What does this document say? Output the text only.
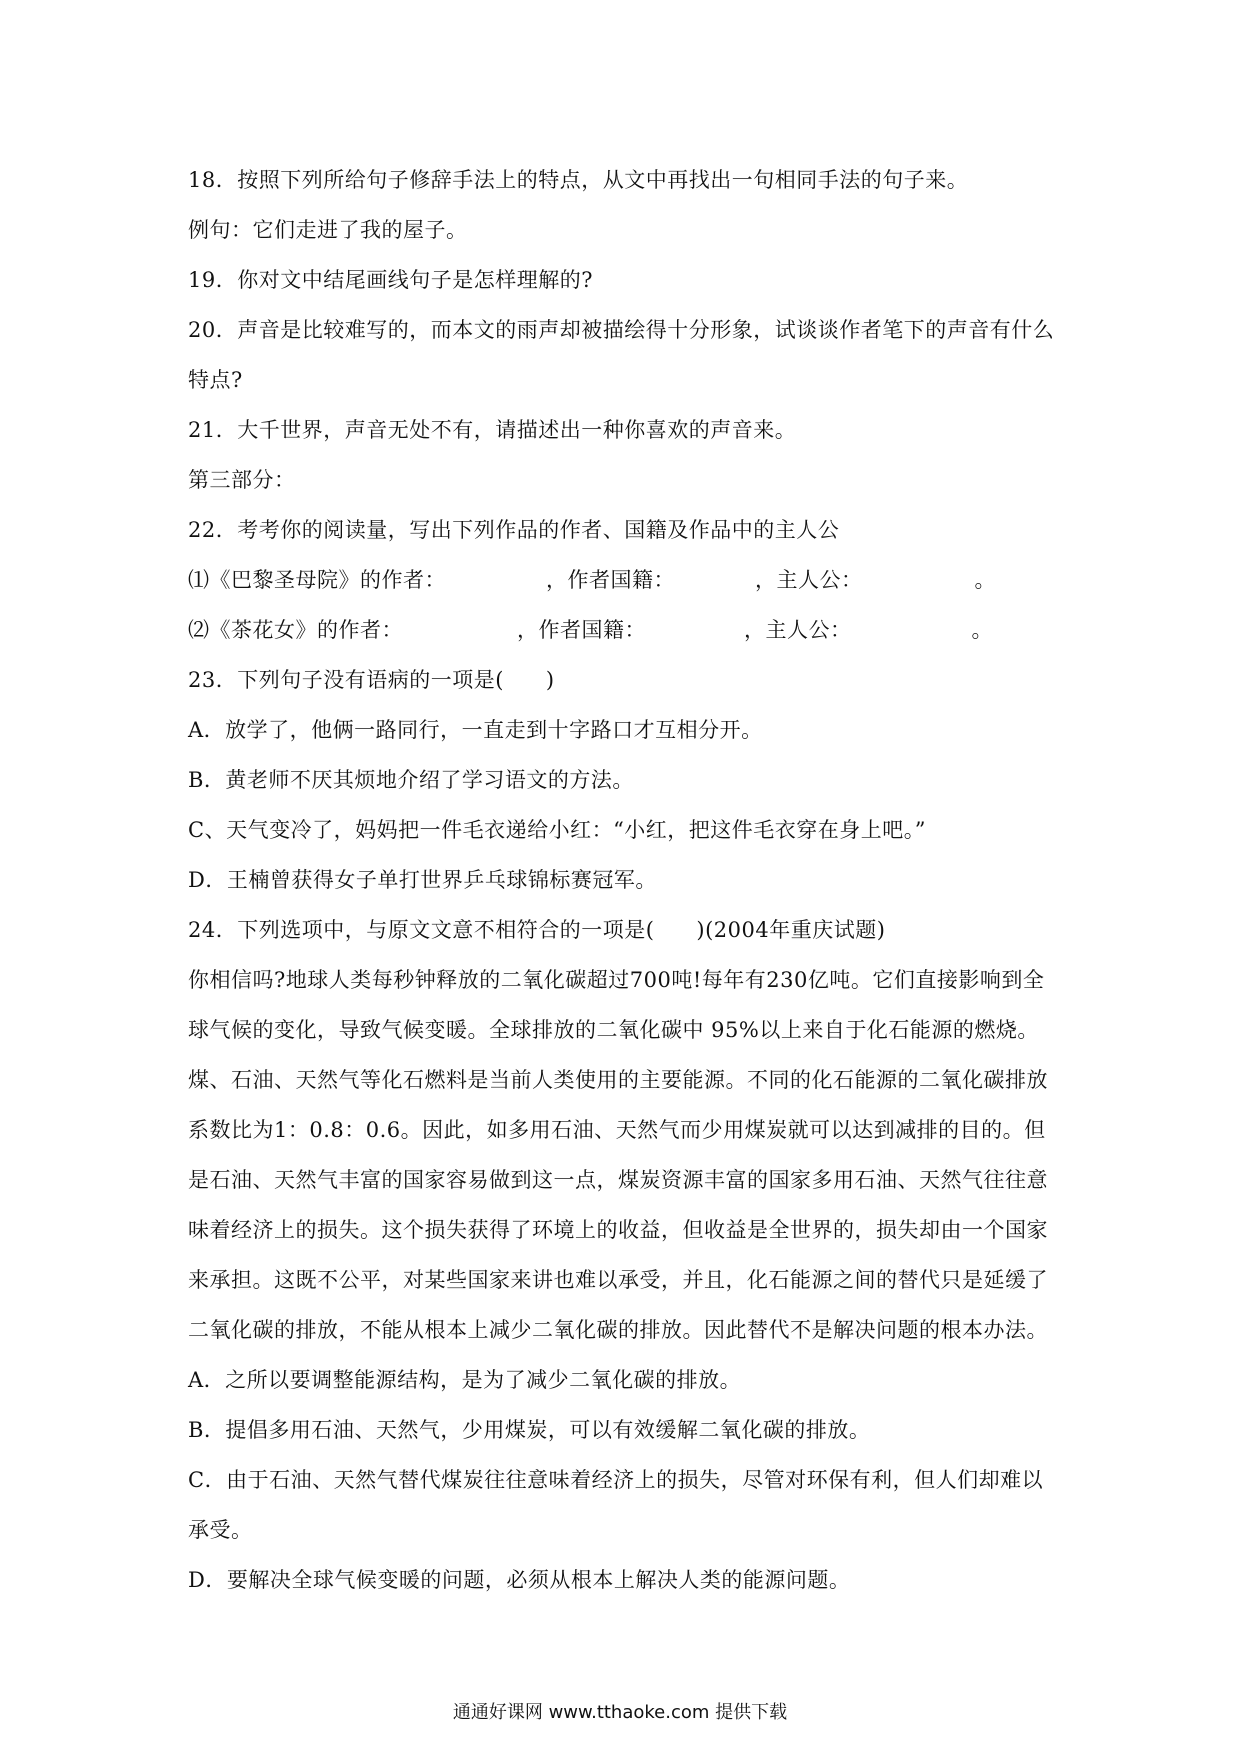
18．按照下列所给句子修辞手法上的特点，从文中再找出一句相同手法的句子来。
例句：它们走进了我的屋子。
19．你对文中结尾画线句子是怎样理解的?
20．声音是比较难写的，而本文的雨声却被描绘得十分形象，试谈谈作者笔下的声音有什么
特点?
21．大千世界，声音无处不有，请描述出一种你喜欢的声音来。
第三部分：
22．考考你的阅读量，写出下列作品的作者、国籍及作品中的主人公
⑴《巴黎圣母院》的作者：	，作者国籍：	，主人公：	。
⑵《茶花女》的作者：	，作者国籍：	，主人公：	。
23．下列句子没有语病的一项是( )
A．放学了，他俩一路同行，一直走到十字路口才互相分开。
B．黄老师不厌其烦地介绍了学习语文的方法。
C、天气变冷了，妈妈把一件毛衣递给小红：“小红，把这件毛衣穿在身上吧。”
D．王楠曾获得女子单打世界乒乓球锦标赛冠军。
24．下列选项中，与原文文意不相符合的一项是( )(2004年重庆试题)
你相信吗?地球人类每秒钟释放的二氧化碳超过700吨!每年有230亿吨。它们直接影响到全
球气候的变化，导致气候变暖。全球排放的二氧化碳中 95%以上来自于化石能源的燃烧。
煤、石油、天然气等化石燃料是当前人类使用的主要能源。不同的化石能源的二氧化碳排放
系数比为1：0.8：0.6。因此，如多用石油、天然气而少用煤炭就可以达到减排的目的。但
是石油、天然气丰富的国家容易做到这一点，煤炭资源丰富的国家多用石油、天然气往往意
味着经济上的损失。这个损失获得了环境上的收益，但收益是全世界的，损失却由一个国家
来承担。这既不公平，对某些国家来讲也难以承受，并且，化石能源之间的替代只是延缓了
二氧化碳的排放，不能从根本上减少二氧化碳的排放。因此替代不是解决问题的根本办法。
A．之所以要调整能源结构，是为了减少二氧化碳的排放。
B．提倡多用石油、天然气，少用煤炭，可以有效缓解二氧化碳的排放。
C．由于石油、天然气替代煤炭往往意味着经济上的损失，尽管对环保有利，但人们却难以
承受。
D．要解决全球气候变暖的问题，必须从根本上解决人类的能源问题。
通通好课网 www.tthaoke.com 提供下载
